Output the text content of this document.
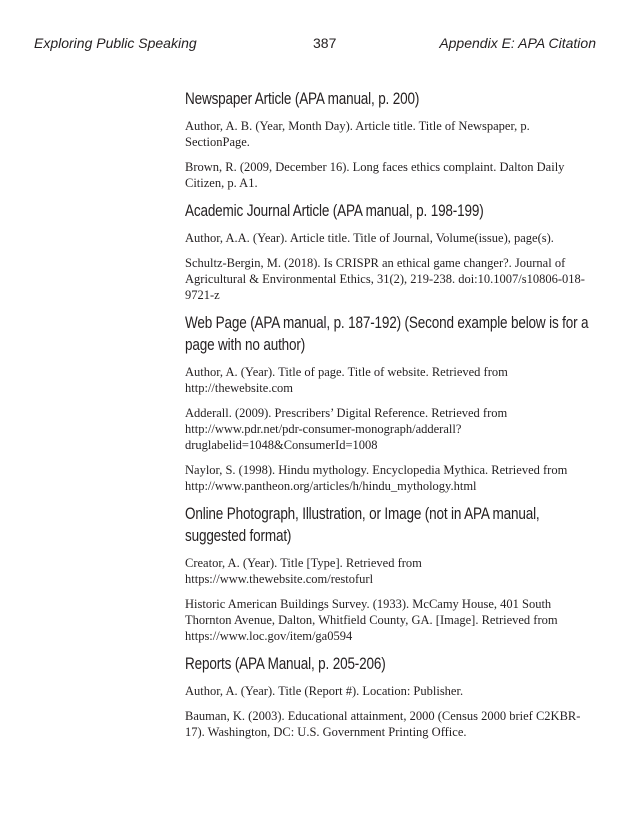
Exploring Public Speaking	387	Appendix E: APA Citation
Newspaper Article (APA manual, p. 200)

Author, A. B. (Year, Month Day). Article title. Title of Newspaper, p. SectionPage.

Brown, R. (2009, December 16). Long faces ethics complaint. Dalton Daily Citizen, p. A1.

Academic Journal Article (APA manual, p. 198-199)

Author, A.A. (Year). Article title. Title of Journal, Volume(issue), page(s).

Schultz-Bergin, M. (2018). Is CRISPR an ethical game changer?. Journal of Agricultural & Environmental Ethics, 31(2), 219-238. doi:10.1007/s10806-018-9721-z

Web Page (APA manual, p. 187-192) (Second example below is for a page with no author)

Author, A. (Year). Title of page. Title of website. Retrieved from http://thewebsite.com

Adderall. (2009). Prescribers’ Digital Reference. Retrieved from http://www.pdr.net/pdr-consumer-monograph/adderall?druglabelid=1048&ConsumerId=1008

Naylor, S. (1998). Hindu mythology. Encyclopedia Mythica. Retrieved from http://www.pantheon.org/articles/h/hindu_mythology.html

Online Photograph, Illustration, or Image (not in APA manual, suggested format)

Creator, A. (Year). Title [Type]. Retrieved from https://www.thewebsite.com/restofurl

Historic American Buildings Survey. (1933). McCamy House, 401 South Thornton Avenue, Dalton, Whitfield County, GA. [Image]. Retrieved from https://www.loc.gov/item/ga0594

Reports (APA Manual, p. 205-206)

Author, A. (Year). Title (Report #). Location: Publisher.

Bauman, K. (2003). Educational attainment, 2000 (Census 2000 brief C2KBR-17). Washington, DC: U.S. Government Printing Office.
